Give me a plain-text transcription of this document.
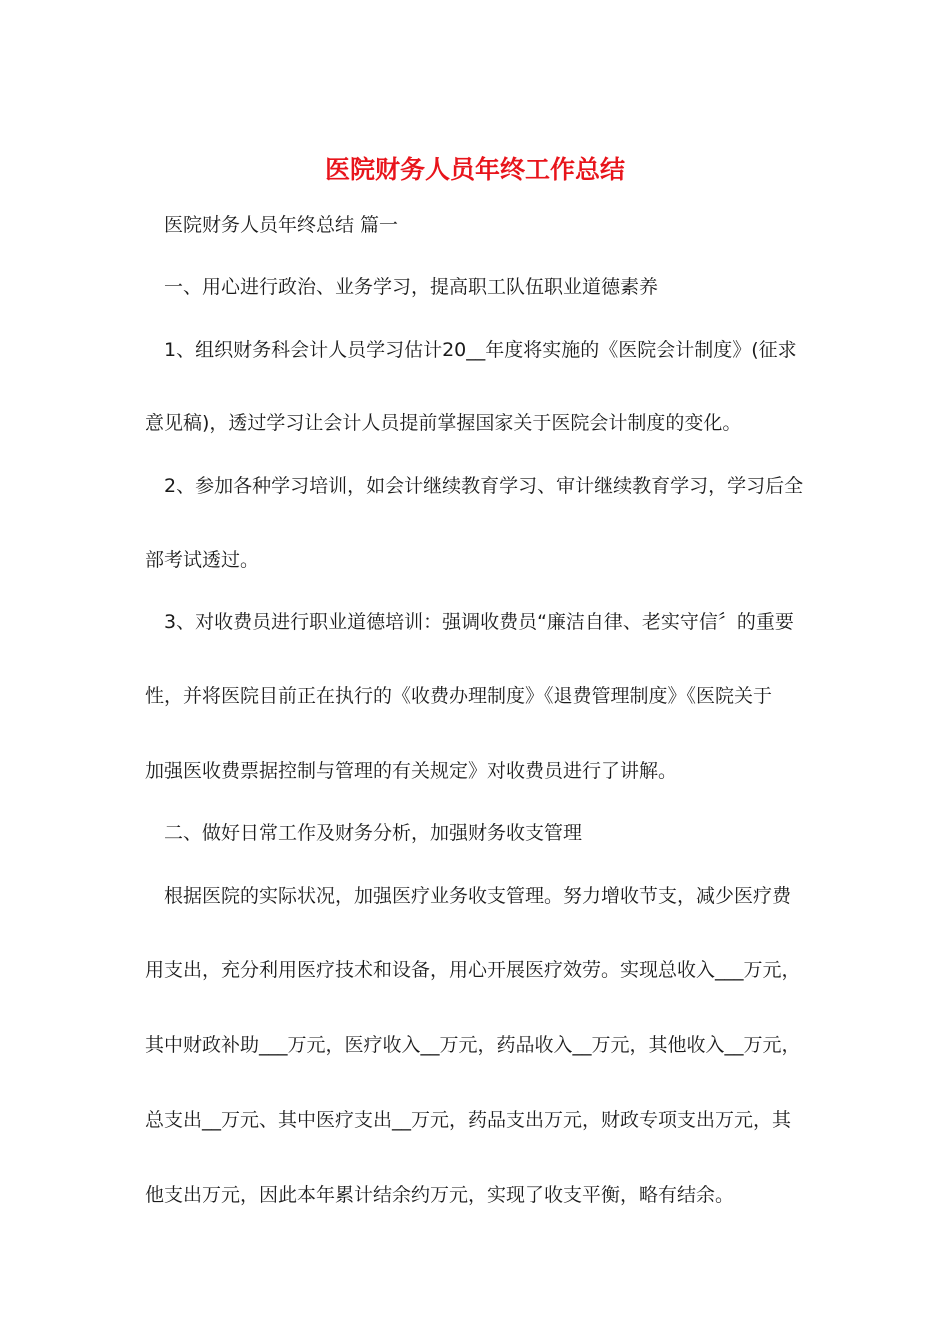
医院财务人员年终工作总结
医院财务人员年终总结 篇一
一、用心进行政治、业务学习，提高职工队伍职业道德素养
1、组织财务科会计人员学习估计20__年度将实施的《医院会计制度》(征求
意见稿)，透过学习让会计人员提前掌握国家关于医院会计制度的变化。
2、参加各种学习培训，如会计继续教育学习、审计继续教育学习，学习后全
部考试透过。
3、对收费员进行职业道德培训：强调收费员“廉洁自律、老实守信〞的重要
性，并将医院目前正在执行的《收费办理制度》《退费管理制度》《医院关于
加强医收费票据控制与管理的有关规定》对收费员进行了讲解。
二、做好日常工作及财务分析，加强财务收支管理
根据医院的实际状况，加强医疗业务收支管理。努力增收节支，减少医疗费
用支出，充分利用医疗技术和设备，用心开展医疗效劳。实现总收入___万元，
其中财政补助___万元，医疗收入__万元，药品收入__万元，其他收入__万元，
总支出__万元、其中医疗支出__万元，药品支出万元，财政专项支出万元，其
他支出万元，因此本年累计结余约万元，实现了收支平衡，略有结余。
